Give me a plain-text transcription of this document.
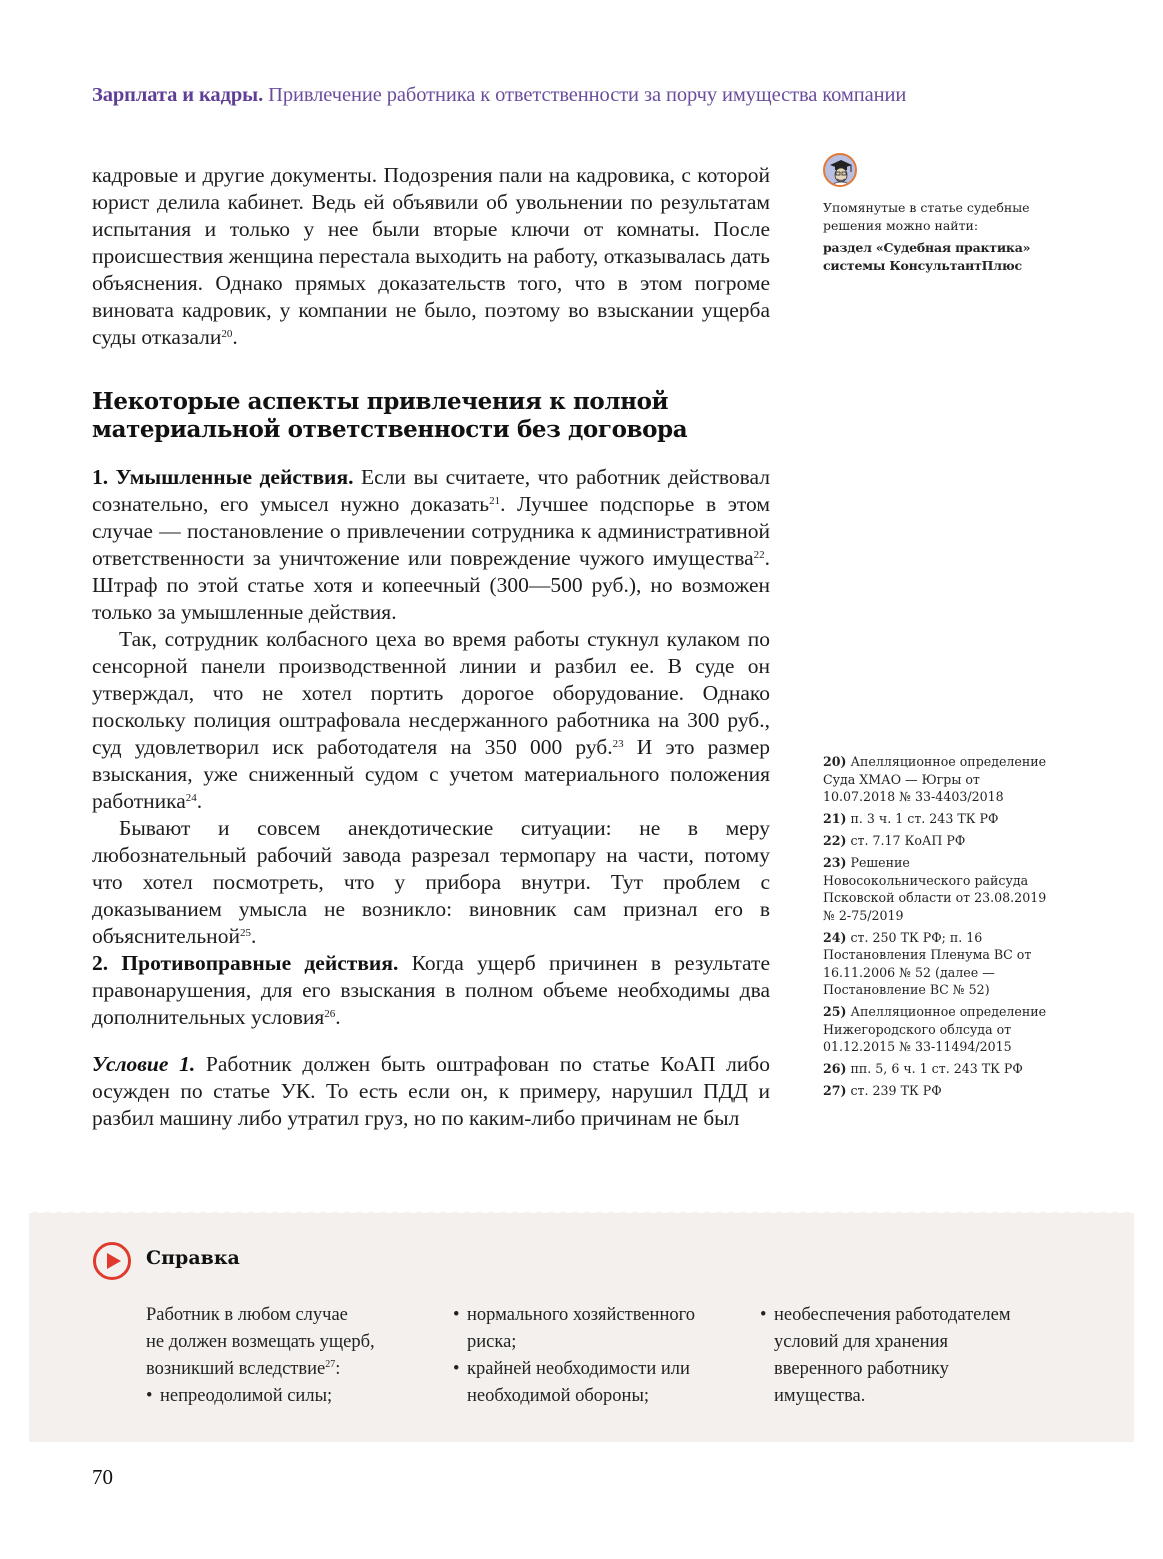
Зарплата и кадры. Привлечение работника к ответственности за порчу имущества компании
Упомянутые в статье судебные решения можно найти:
раздел «Судебная практика» системы КонсультантПлюс

кадровые и другие документы. Подозрения пали на кадровика, с которой юрист делила кабинет. Ведь ей объявили об увольнении по результатам испытания и только у нее были вторые ключи от комнаты. После происшествия женщина перестала выходить на работу, отказывалась дать объяснения. Однако прямых доказательств того, что в этом погроме виновата кадровик, у компании не было, поэтому во взыскании ущерба суды отказали$^{20}$.

Некоторые аспекты привлечения к полной материальной ответственности без договора

1. Умышленные действия. Если вы считаете, что работник действовал сознательно, его умысел нужно доказать$^{21}$. Лучшее подспорье в этом случае — постановление о привлечении сотрудника к административной ответственности за уничтожение или повреждение чужого имущества$^{22}$. Штраф по этой статье хотя и копеечный (300—500 руб.), но возможен только за умышленные действия.

Так, сотрудник колбасного цеха во время работы стукнул кулаком по сенсорной панели производственной линии и разбил ее. В суде он утверждал, что не хотел портить дорогое оборудование. Однако поскольку полиция оштрафовала несдержанного работника на 300 руб., суд удовлетворил иск работодателя на 350 000 руб.$^{23}$ И это размер взыскания, уже сниженный судом с учетом материального положения работника$^{24}$.

Бывают и совсем анекдотические ситуации: не в меру любознательный рабочий завода разрезал термопару на части, потому что хотел посмотреть, что у прибора внутри. Тут проблем с доказыванием умысла не возникло: виновник сам признал его в объяснительной$^{25}$.

2. Противоправные действия. Когда ущерб причинен в результате правонарушения, для его взыскания в полном объеме необходимы два дополнительных условия$^{26}$.

Условие 1. Работник должен быть оштрафован по статье КоАП либо осужден по статье УК. То есть если он, к примеру, нарушил ПДД и разбил машину либо утратил груз, но по каким-либо причинам не был

20) Апелляционное определение Суда ХМАО — Югры от 10.07.2018 № 33-4403/2018
21) п. 3 ч. 1 ст. 243 ТК РФ
22) ст. 7.17 КоАП РФ
23) Решение Новосокольнического райсуда Псковской области от 23.08.2019 № 2-75/2019
24) ст. 250 ТК РФ; п. 16 Постановления Пленума ВС от 16.11.2006 № 52 (далее — Постановление ВС № 52)
25) Апелляционное определение Нижегородского облсуда от 01.12.2015 № 33-11494/2015
26) пп. 5, 6 ч. 1 ст. 243 ТК РФ
27) ст. 239 ТК РФ
Справка
Работник в любом случае
не должен возмещать ущерб,
возникший вследствие$^{27}$:
• непреодолимой силы;
• нормального хозяйственного риска;
• крайней необходимости или необходимой обороны;
• необеспечения работодателем условий для хранения вверенного работнику имущества.
70
